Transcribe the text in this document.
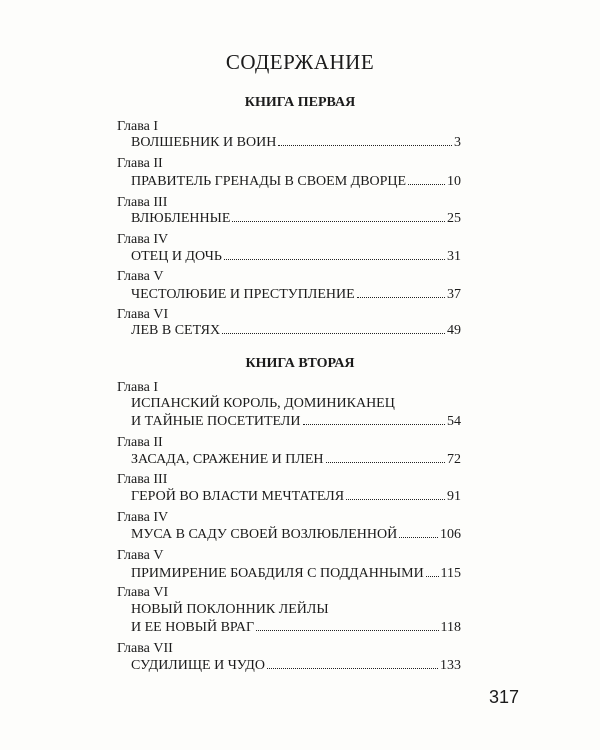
СОДЕРЖАНИЕ
КНИГА ПЕРВАЯ
Глава I
ВОЛШЕБНИК И ВОИН	3
Глава II
ПРАВИТЕЛЬ ГРЕНАДЫ В СВОЕМ ДВОРЦЕ	10
Глава III
ВЛЮБЛЕННЫЕ	25
Глава IV
ОТЕЦ И ДОЧЬ	31
Глава V
ЧЕСТОЛЮБИЕ И ПРЕСТУПЛЕНИЕ	37
Глава VI
ЛЕВ В СЕТЯХ	49
КНИГА ВТОРАЯ
Глава I
ИСПАНСКИЙ КОРОЛЬ, ДОМИНИКАНЕЦ
И ТАЙНЫЕ ПОСЕТИТЕЛИ	54
Глава II
ЗАСАДА, СРАЖЕНИЕ И ПЛЕН	72
Глава III
ГЕРОЙ ВО ВЛАСТИ МЕЧТАТЕЛЯ	91
Глава IV
МУСА В САДУ СВОЕЙ ВОЗЛЮБЛЕННОЙ	106
Глава V
ПРИМИРЕНИЕ БОАБДИЛЯ С ПОДДАННЫМИ 115
Глава VI
НОВЫЙ ПОКЛОННИК ЛЕЙЛЫ
И ЕЕ НОВЫЙ ВРАГ	118
Глава VII
СУДИЛИЩЕ И ЧУДО	133
317
